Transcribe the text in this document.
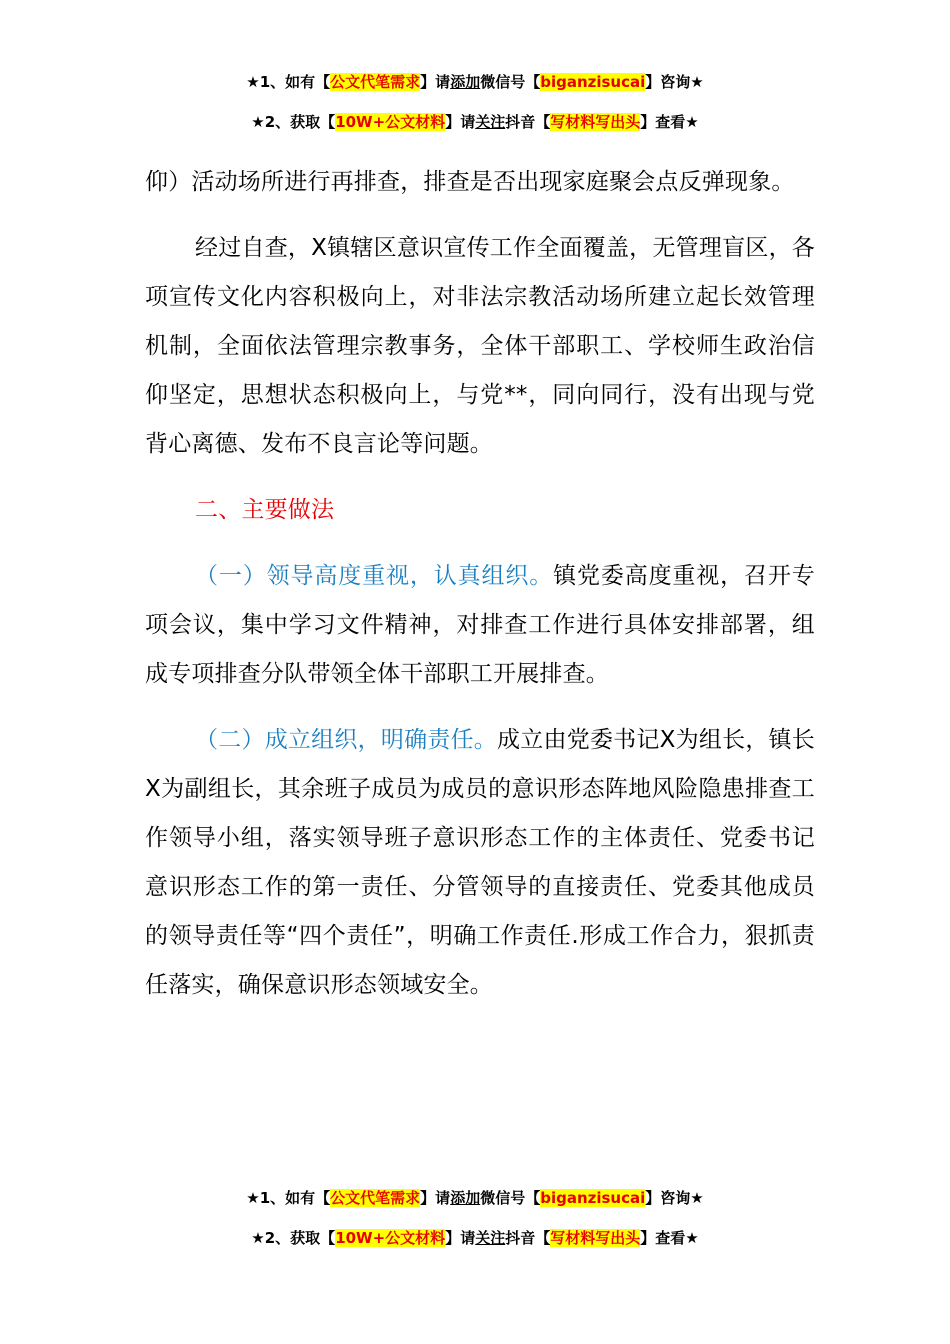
★1、如有【公文代笔需求】请添加微信号【biganzisucai】咨询★
★2、获取【10W+公文材料】请关注抖音【写材料写出头】查看★

仰）活动场所进行再排查，排查是否出现家庭聚会点反弹现象。

经过自查，X镇辖区意识宣传工作全面覆盖，无管理盲区，各项宣传文化内容积极向上，对非法宗教活动场所建立起长效管理机制，全面依法管理宗教事务，全体干部职工、学校师生政治信仰坚定，思想状态积极向上，与党**，同向同行，没有出现与党背心离德、发布不良言论等问题。

二、主要做法

（一）领导高度重视，认真组织。镇党委高度重视，召开专项会议，集中学习文件精神，对排查工作进行具体安排部署，组成专项排查分队带领全体干部职工开展排查。

（二）成立组织，明确责任。成立由党委书记X为组长，镇长X为副组长，其余班子成员为成员的意识形态阵地风险隐患排查工作领导小组，落实领导班子意识形态工作的主体责任、党委书记意识形态工作的第一责任、分管领导的直接责任、党委其他成员的领导责任等“四个责任”，明确工作责任.形成工作合力，狠抓责任落实，确保意识形态领域安全。

★1、如有【公文代笔需求】请添加微信号【biganzisucai】咨询★
★2、获取【10W+公文材料】请关注抖音【写材料写出头】查看★
